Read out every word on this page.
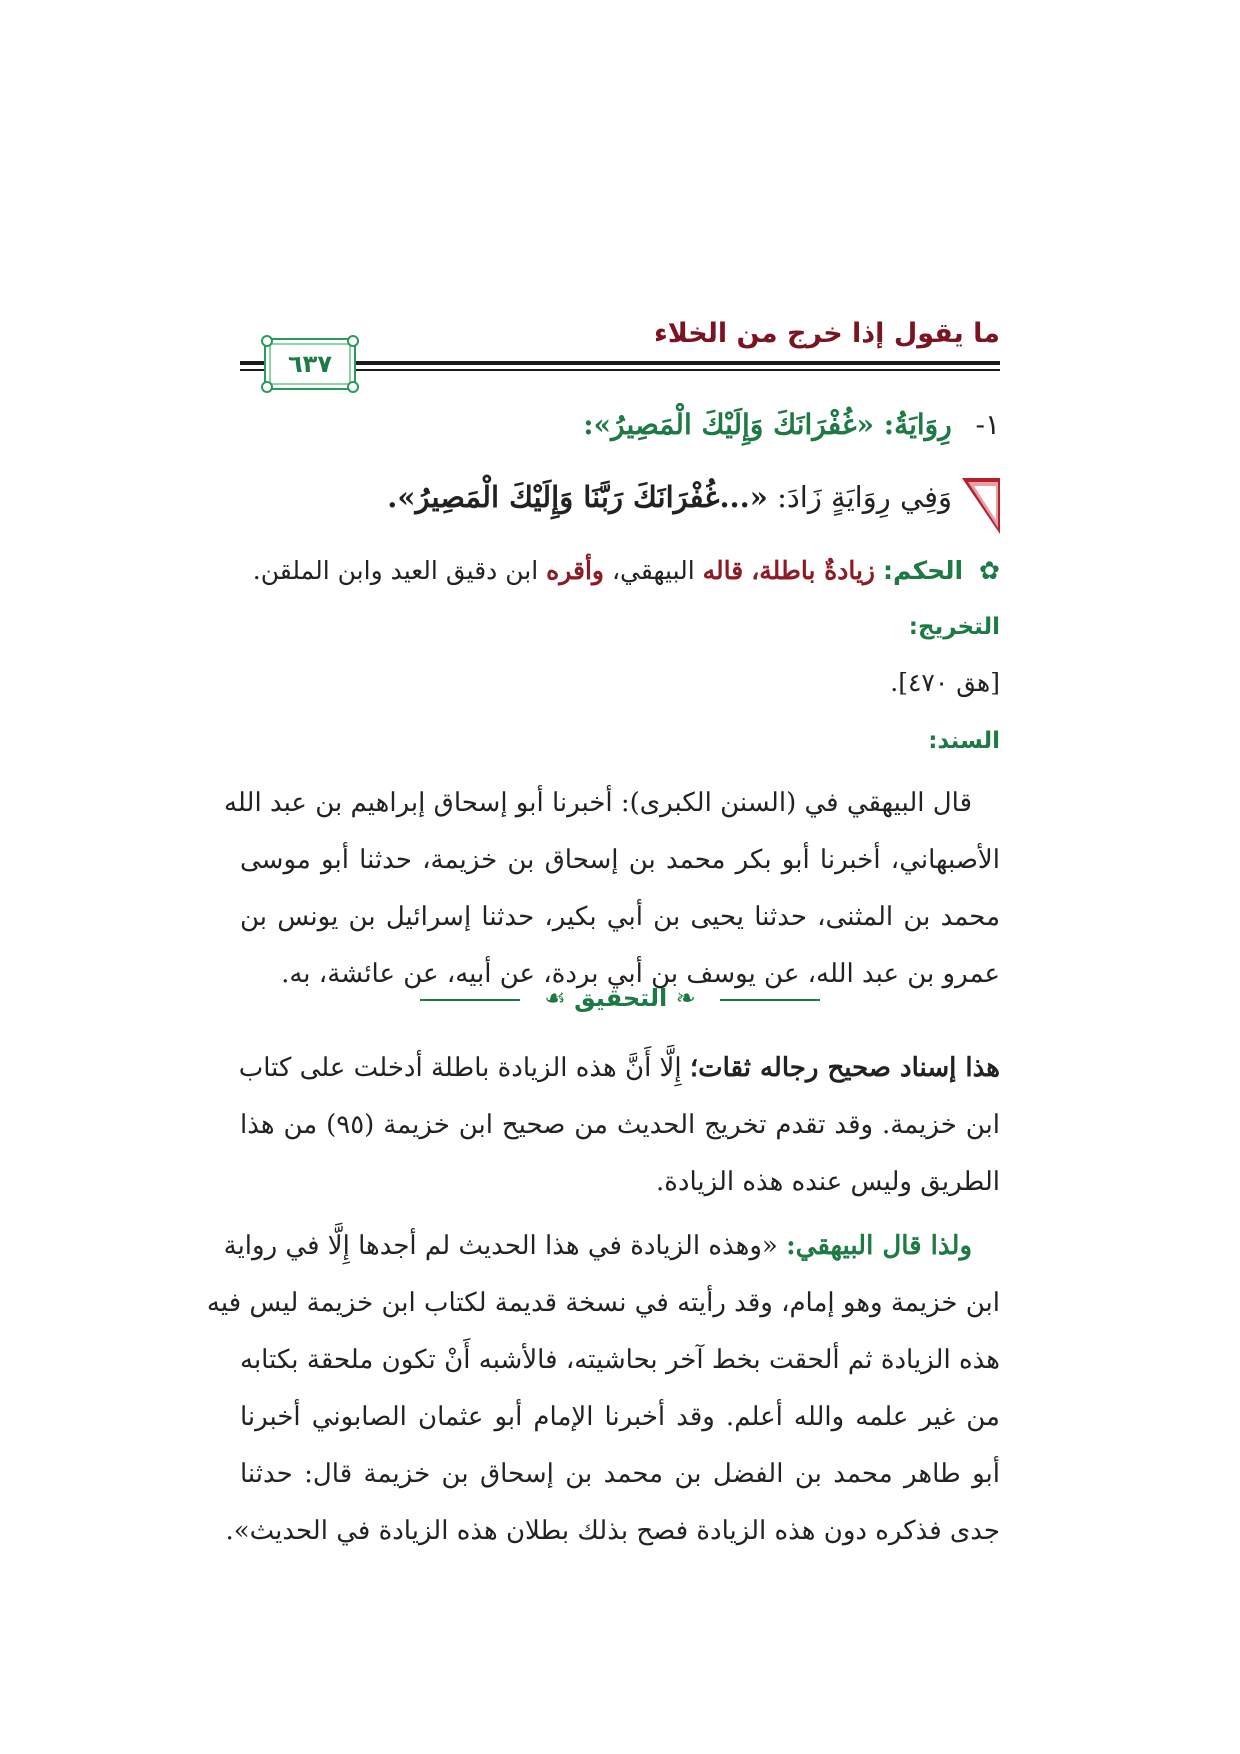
ما يقول إذا خرج من الخلاء
٦٣٧
١- رِوَايَةُ: «غُفْرَانَكَ وَإِلَيْكَ الْمَصِيرُ»:
وَفِي رِوَايَةٍ زَادَ: «...غُفْرَانَكَ رَبَّنَا وَإِلَيْكَ الْمَصِيرُ».
✿ الحكم: زيادةٌ باطلة، قاله البيهقي، وأقره ابن دقيق العيد وابن الملقن.
التخريج:
[هق ٤٧٠].
السند:
قال البيهقي في (السنن الكبرى): أخبرنا أبو إسحاق إبراهيم بن عبد الله
الأصبهاني، أخبرنا أبو بكر محمد بن إسحاق بن خزيمة، حدثنا أبو موسى
محمد بن المثنى، حدثنا يحيى بن أبي بكير، حدثنا إسرائيل بن يونس بن
عمرو بن عبد الله، عن يوسف بن أبي بردة، عن أبيه، عن عائشة، به.
❧ التحقيق ☙
هذا إسناد صحيح رجاله ثقات؛ إِلَّا أَنَّ هذه الزيادة باطلة أدخلت على كتاب
ابن خزيمة. وقد تقدم تخريج الحديث من صحيح ابن خزيمة (٩٥) من هذا
الطريق وليس عنده هذه الزيادة.
ولذا قال البيهقي: «وهذه الزيادة في هذا الحديث لم أجدها إِلَّا في رواية
ابن خزيمة وهو إمام، وقد رأيته في نسخة قديمة لكتاب ابن خزيمة ليس فيه
هذه الزيادة ثم ألحقت بخط آخر بحاشيته، فالأشبه أَنْ تكون ملحقة بكتابه
من غير علمه والله أعلم. وقد أخبرنا الإمام أبو عثمان الصابوني أخبرنا
أبو طاهر محمد بن الفضل بن محمد بن إسحاق بن خزيمة قال: حدثنا
جدى فذكره دون هذه الزيادة فصح بذلك بطلان هذه الزيادة في الحديث».
